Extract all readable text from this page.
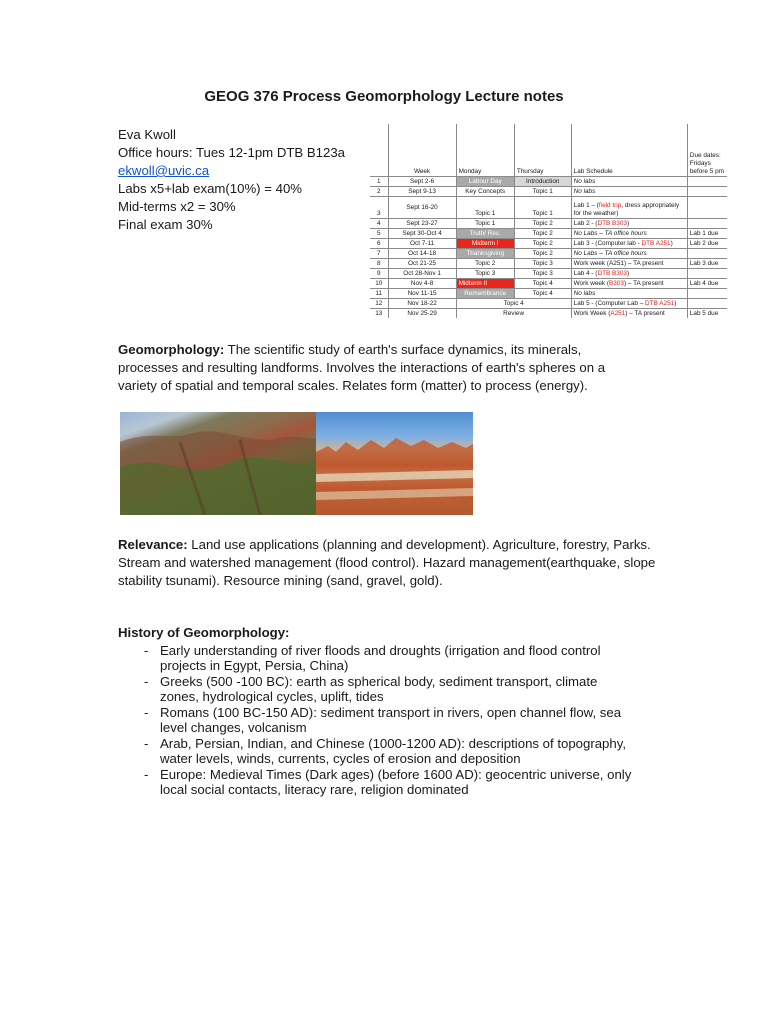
GEOG 376 Process Geomorphology Lecture notes
Eva Kwoll
Office hours: Tues 12-1pm DTB B123a
ekwoll@uvic.ca
Labs x5+lab exam(10%) = 40%
Mid-terms x2 = 30%
Final exam 30%
	Week	Monday	Thursday	Lab Schedule	Due dates: Fridays before 5 pm
1	Sept 2-6	Labour Day	Introduction	No labs	
2	Sept 9-13	Key Concepts	Topic 1	No labs	
3	Sept 16-20	Topic 1	Topic 1	Lab 1 – (field trip, dress appropriately for the weather)	
4	Sept 23-27	Topic 1	Topic 2	Lab 2 - (DTB B303)	
5	Sept 30-Oct 4	Truth/ Rec.	Topic 2	No Labs – TA office hours	Lab 1 due
6	Oct 7-11	Midterm I	Topic 2	Lab 3 - (Computer lab - DTB A251)	Lab 2 due
7	Oct 14-18	Thanksgiving	Topic 2	No Labs – TA office hours	
8	Oct 21-25	Topic 2	Topic 3	Work week (A251) – TA present	Lab 3 due
9	Oct 28-Nov 1	Topic 3	Topic 3	Lab 4 - (DTB B303)	
10	Nov 4-8	Midterm II	Topic 4	Work week (B303) – TA present	Lab 4 due
11	Nov 11-15	Remembrance	Topic 4	No labs	
12	Nov 18-22	Topic 4		Lab 5 - (Computer Lab – DTB A251)	
13	Nov 25-29	Review		Work Week (A251) – TA present	Lab 5 due
Geomorphology: The scientific study of earth's surface dynamics, its minerals, processes and resulting landforms. Involves the interactions of earth's spheres on a variety of spatial and temporal scales. Relates form (matter) to process (energy).
Relevance: Land use applications (planning and development). Agriculture, forestry, Parks. Stream and watershed management (flood control). Hazard management(earthquake, slope stability tsunami). Resource mining (sand, gravel, gold).
History of Geomorphology:
- Early understanding of river floods and droughts (irrigation and flood control projects in Egypt, Persia, China)
- Greeks (500 -100 BC): earth as spherical body, sediment transport, climate zones, hydrological cycles, uplift, tides
- Romans (100 BC-150 AD): sediment transport in rivers, open channel flow, sea level changes, volcanism
- Arab, Persian, Indian, and Chinese (1000-1200 AD): descriptions of topography, water levels, winds, currents, cycles of erosion and deposition
- Europe: Medieval Times (Dark ages) (before 1600 AD): geocentric universe, only local social contacts, literacy rare, religion dominated
